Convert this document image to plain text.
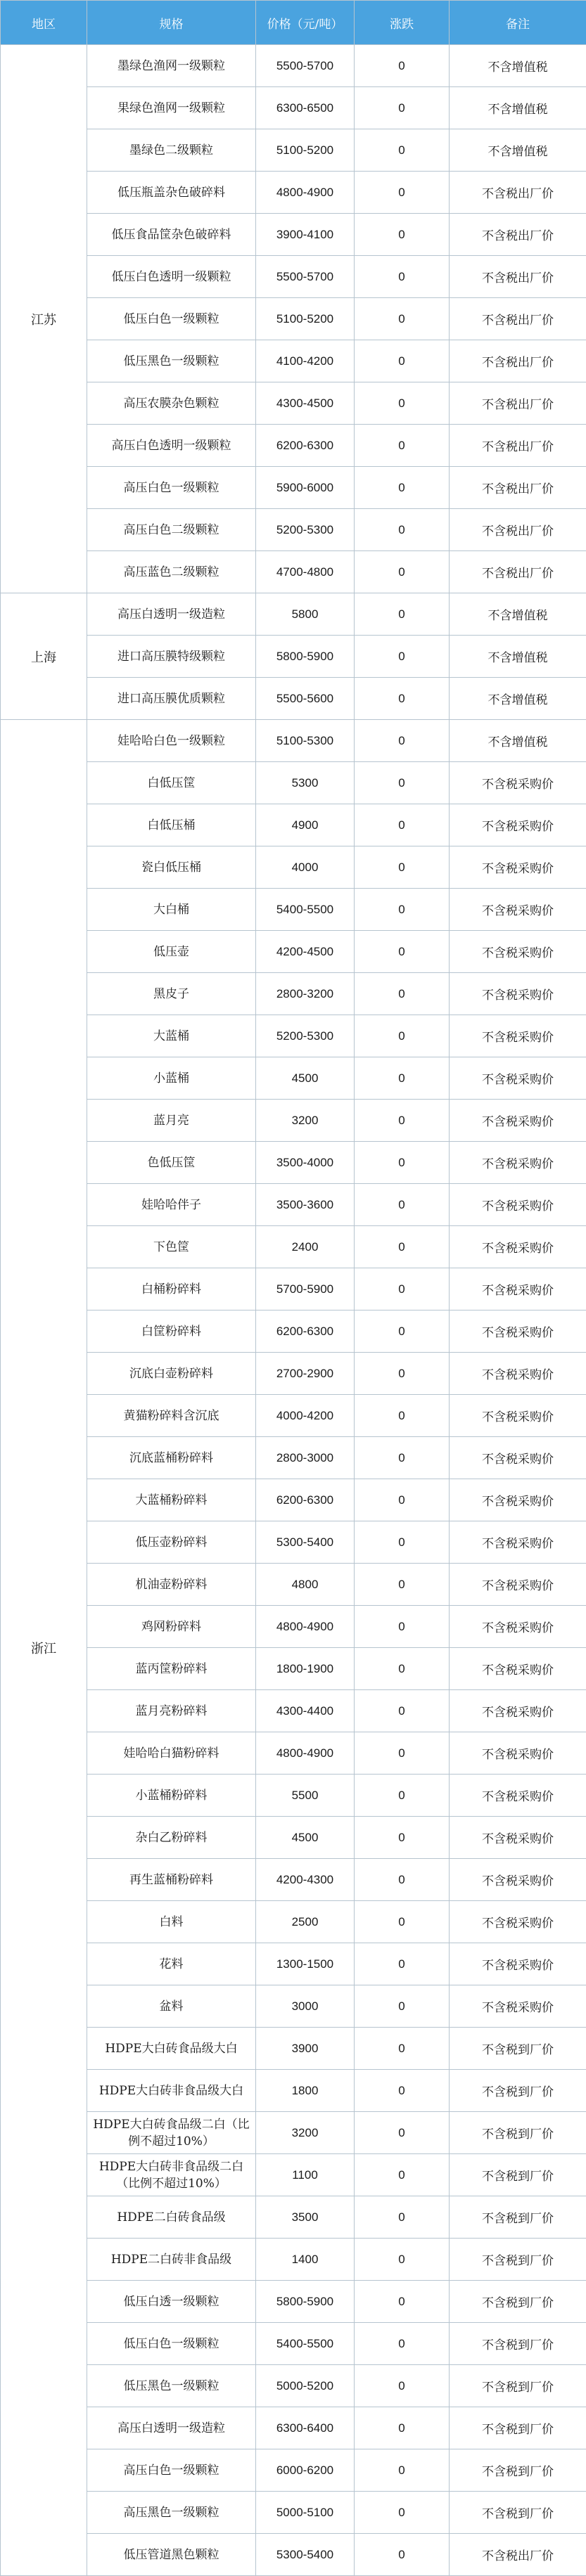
地区	规格	价格（元/吨）	涨跌	备注
江苏	墨绿色渔网一级颗粒	5500-5700	0	不含增值税
	果绿色渔网一级颗粒	6300-6500	0	不含增值税
	墨绿色二级颗粒	5100-5200	0	不含增值税
	低压瓶盖杂色破碎料	4800-4900	0	不含税出厂价
	低压食品筐杂色破碎料	3900-4100	0	不含税出厂价
	低压白色透明一级颗粒	5500-5700	0	不含税出厂价
	低压白色一级颗粒	5100-5200	0	不含税出厂价
	低压黑色一级颗粒	4100-4200	0	不含税出厂价
	高压农膜杂色颗粒	4300-4500	0	不含税出厂价
	高压白色透明一级颗粒	6200-6300	0	不含税出厂价
	高压白色一级颗粒	5900-6000	0	不含税出厂价
	高压白色二级颗粒	5200-5300	0	不含税出厂价
	高压蓝色二级颗粒	4700-4800	0	不含税出厂价
上海	高压白透明一级造粒	5800	0	不含增值税
	进口高压膜特级颗粒	5800-5900	0	不含增值税
	进口高压膜优质颗粒	5500-5600	0	不含增值税
浙江	娃哈哈白色一级颗粒	5100-5300	0	不含增值税
	白低压筐	5300	0	不含税采购价
	白低压桶	4900	0	不含税采购价
	瓷白低压桶	4000	0	不含税采购价
	大白桶	5400-5500	0	不含税采购价
	低压壶	4200-4500	0	不含税采购价
	黑皮子	2800-3200	0	不含税采购价
	大蓝桶	5200-5300	0	不含税采购价
	小蓝桶	4500	0	不含税采购价
	蓝月亮	3200	0	不含税采购价
	色低压筐	3500-4000	0	不含税采购价
	娃哈哈伴子	3500-3600	0	不含税采购价
	下色筐	2400	0	不含税采购价
	白桶粉碎料	5700-5900	0	不含税采购价
	白筐粉碎料	6200-6300	0	不含税采购价
	沉底白壶粉碎料	2700-2900	0	不含税采购价
	黄猫粉碎料含沉底	4000-4200	0	不含税采购价
	沉底蓝桶粉碎料	2800-3000	0	不含税采购价
	大蓝桶粉碎料	6200-6300	0	不含税采购价
	低压壶粉碎料	5300-5400	0	不含税采购价
	机油壶粉碎料	4800	0	不含税采购价
	鸡网粉碎料	4800-4900	0	不含税采购价
	蓝丙筐粉碎料	1800-1900	0	不含税采购价
	蓝月亮粉碎料	4300-4400	0	不含税采购价
	娃哈哈白猫粉碎料	4800-4900	0	不含税采购价
	小蓝桶粉碎料	5500	0	不含税采购价
	杂白乙粉碎料	4500	0	不含税采购价
	再生蓝桶粉碎料	4200-4300	0	不含税采购价
	白料	2500	0	不含税采购价
	花料	1300-1500	0	不含税采购价
	盆料	3000	0	不含税采购价
	HDPE大白砖食品级大白	3900	0	不含税到厂价
	HDPE大白砖非食品级大白	1800	0	不含税到厂价
	HDPE大白砖食品级二白（比例不超过10%）	3200	0	不含税到厂价
	HDPE大白砖非食品级二白（比例不超过10%）	1100	0	不含税到厂价
	HDPE二白砖食品级	3500	0	不含税到厂价
	HDPE二白砖非食品级	1400	0	不含税到厂价
	低压白透一级颗粒	5800-5900	0	不含税到厂价
	低压白色一级颗粒	5400-5500	0	不含税到厂价
	低压黑色一级颗粒	5000-5200	0	不含税到厂价
	高压白透明一级造粒	6300-6400	0	不含税到厂价
	高压白色一级颗粒	6000-6200	0	不含税到厂价
	高压黑色一级颗粒	5000-5100	0	不含税到厂价
	低压管道黑色颗粒	5300-5400	0	不含税出厂价
